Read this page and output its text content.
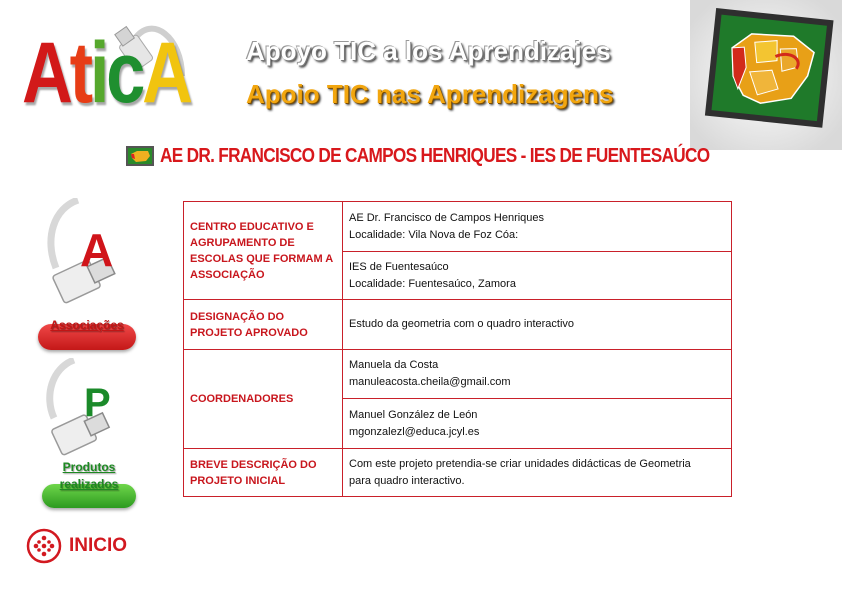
AticA Apoyo TIC a los Aprendizajes
Apoio TIC nas Aprendizagens
AE DR. FRANCISCO DE CAMPOS HENRIQUES - IES DE FUENTESAÚCO
A
Associações
P
Produtos
realizados
INICIO
CENTRO EDUCATIVO E AGRUPAMENTO DE ESCOLAS QUE FORMAM A ASSOCIAÇÃO	AE Dr. Francisco de Campos Henriques
Localidade: Vila Nova de Foz Cóa:
	IES de Fuentesaúco
Localidade: Fuentesaúco, Zamora
DESIGNAÇÃO DO PROJETO APROVADO	Estudo da geometria com o quadro interactivo
COORDENADORES	Manuela da Costa
manuleacosta.cheila@gmail.com
	Manuel González de León
mgonzalezl@educa.jcyl.es
BREVE DESCRIÇÃO DO PROJETO INICIAL	Com este projeto pretendia-se criar unidades didácticas de Geometria
para quadro interactivo.
